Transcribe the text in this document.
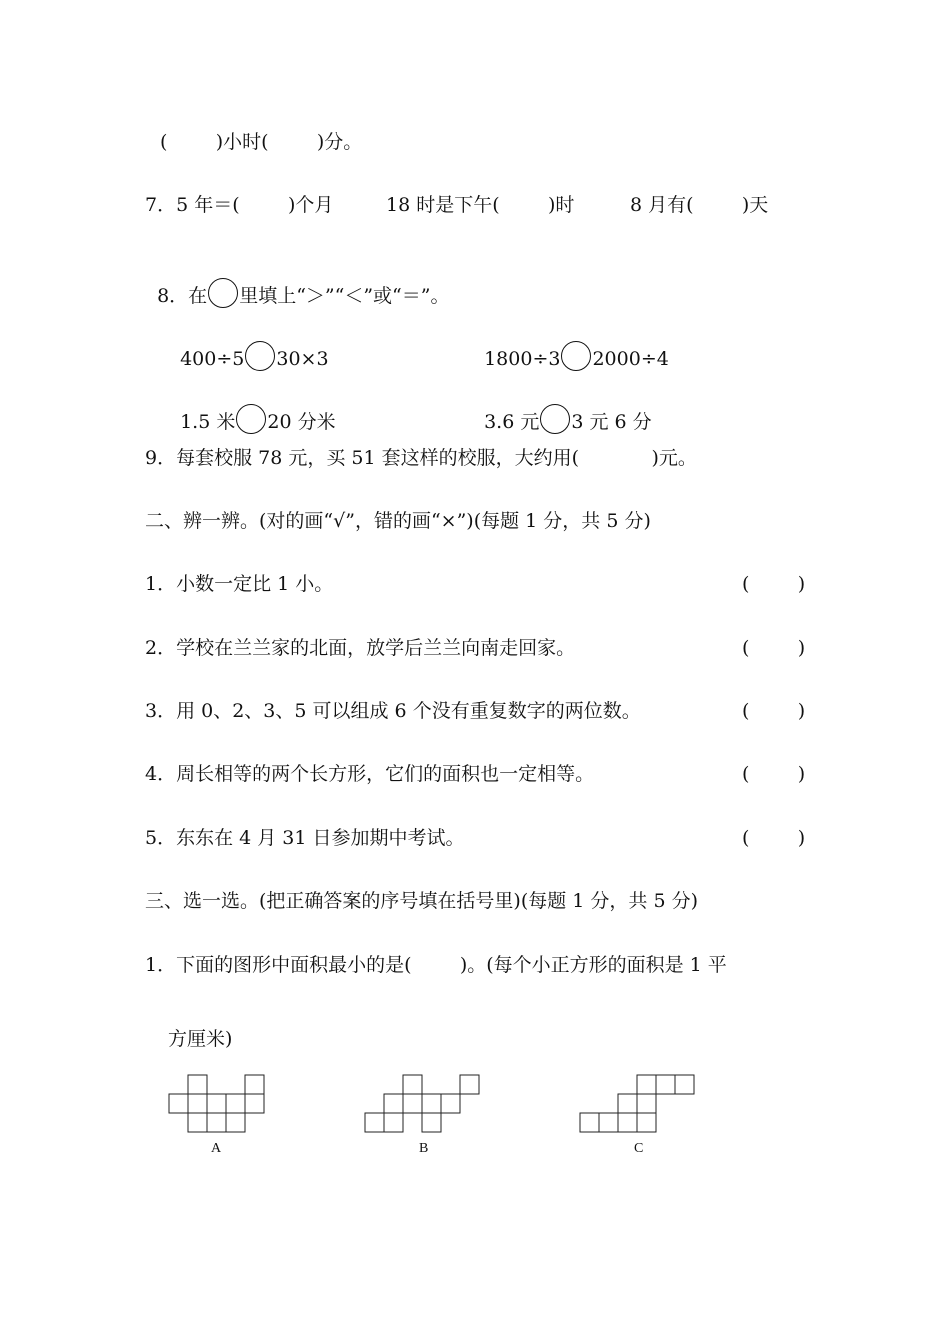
(        )小时(        )分。
7．5 年＝(        )个月	18 时是下午(        )时	8 月有(        )天

8．在 里填上“＞”“＜”或“＝”。

400÷5 30×3	1800÷3 2000÷4

1.5 米 20 分米	3.6 元 3 元 6 分

9．每套校服 78 元，买 51 套这样的校服，大约用(            )元。
二、辨一辨。(对的画“√”，错的画“×”)(每题 1 分，共 5 分)
1．小数一定比 1 小。	(        )
2．学校在兰兰家的北面，放学后兰兰向南走回家。	(        )
3．用 0、2、3、5 可以组成 6 个没有重复数字的两位数。	(        )
4．周长相等的两个长方形，它们的面积也一定相等。	(        )
5．东东在 4 月 31 日参加期中考试。	(        )
三、选一选。(把正确答案的序号填在括号里)(每题 1 分，共 5 分)
1．下面的图形中面积最小的是(        )。(每个小正方形的面积是 1 平
方厘米)
A	B	C
